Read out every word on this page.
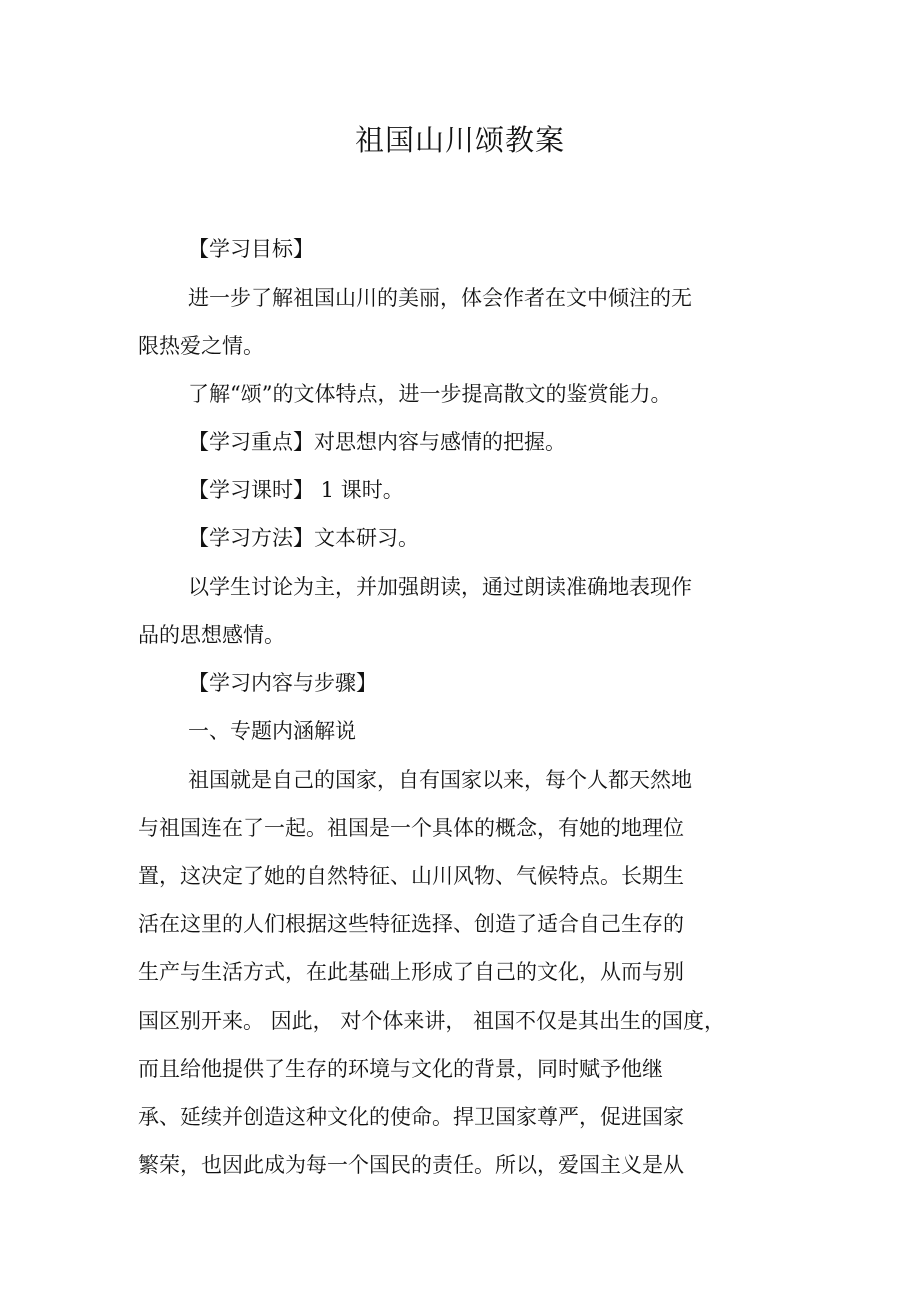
祖国山川颂教案

【学习目标】

进一步了解祖国山川的美丽，体会作者在文中倾注的无

限热爱之情。

了解“颂”的文体特点，进一步提高散文的鉴赏能力。

【学习重点】对思想内容与感情的把握。

【学习课时】 1 课时。

【学习方法】文本研习。

以学生讨论为主，并加强朗读，通过朗读准确地表现作

品的思想感情。

【学习内容与步骤】

一、专题内涵解说

祖国就是自己的国家，自有国家以来，每个人都天然地

与祖国连在了一起。祖国是一个具体的概念，有她的地理位

置，这决定了她的自然特征、山川风物、气候特点。长期生

活在这里的人们根据这些特征选择、创造了适合自己生存的

生产与生活方式，在此基础上形成了自己的文化，从而与别

国区别开来。 因此， 对个体来讲， 祖国不仅是其出生的国度，

而且给他提供了生存的环境与文化的背景，同时赋予他继

承、延续并创造这种文化的使命。捍卫国家尊严，促进国家

繁荣，也因此成为每一个国民的责任。所以，爱国主义是从
